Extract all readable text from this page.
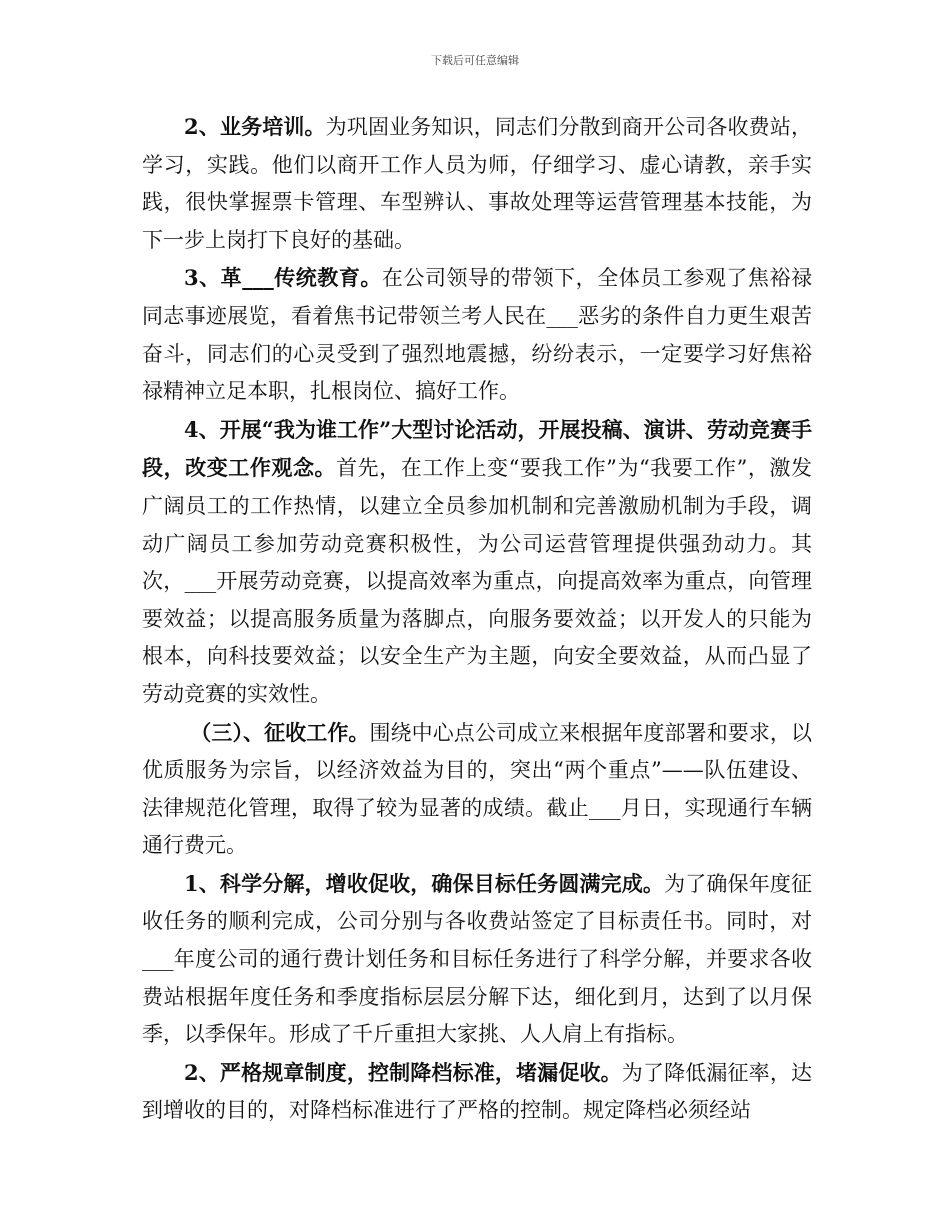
下载后可任意编辑

2、业务培训。为巩固业务知识，同志们分散到商开公司各收费站，学习，实践。他们以商开工作人员为师，仔细学习、虚心请教，亲手实践，很快掌握票卡管理、车型辨认、事故处理等运营管理基本技能，为下一步上岗打下良好的基础。

3、革___传统教育。在公司领导的带领下，全体员工参观了焦裕禄同志事迹展览，看着焦书记带领兰考人民在___恶劣的条件自力更生艰苦奋斗，同志们的心灵受到了强烈地震撼，纷纷表示，一定要学习好焦裕禄精神立足本职，扎根岗位、搞好工作。

4、开展“我为谁工作”大型讨论活动，开展投稿、演讲、劳动竞赛手段，改变工作观念。首先，在工作上变“要我工作”为“我要工作”，激发广阔员工的工作热情，以建立全员参加机制和完善激励机制为手段，调动广阔员工参加劳动竞赛积极性，为公司运营管理提供强劲动力。其次，___开展劳动竞赛，以提高效率为重点，向提高效率为重点，向管理要效益；以提高服务质量为落脚点，向服务要效益；以开发人的只能为根本，向科技要效益；以安全生产为主题，向安全要效益，从而凸显了劳动竞赛的实效性。

（三）、征收工作。围绕中心点公司成立来根据年度部署和要求，以优质服务为宗旨，以经济效益为目的，突出“两个重点”——队伍建设、法律规范化管理，取得了较为显著的成绩。截止___月日，实现通行车辆通行费元。

1、科学分解，增收促收，确保目标任务圆满完成。为了确保年度征收任务的顺利完成，公司分别与各收费站签定了目标责任书。同时，对___年度公司的通行费计划任务和目标任务进行了科学分解，并要求各收费站根据年度任务和季度指标层层分解下达，细化到月，达到了以月保季，以季保年。形成了千斤重担大家挑、人人肩上有指标。

2、严格规章制度，控制降档标准，堵漏促收。为了降低漏征率，达到增收的目的，对降档标准进行了严格的控制。规定降档必须经站
